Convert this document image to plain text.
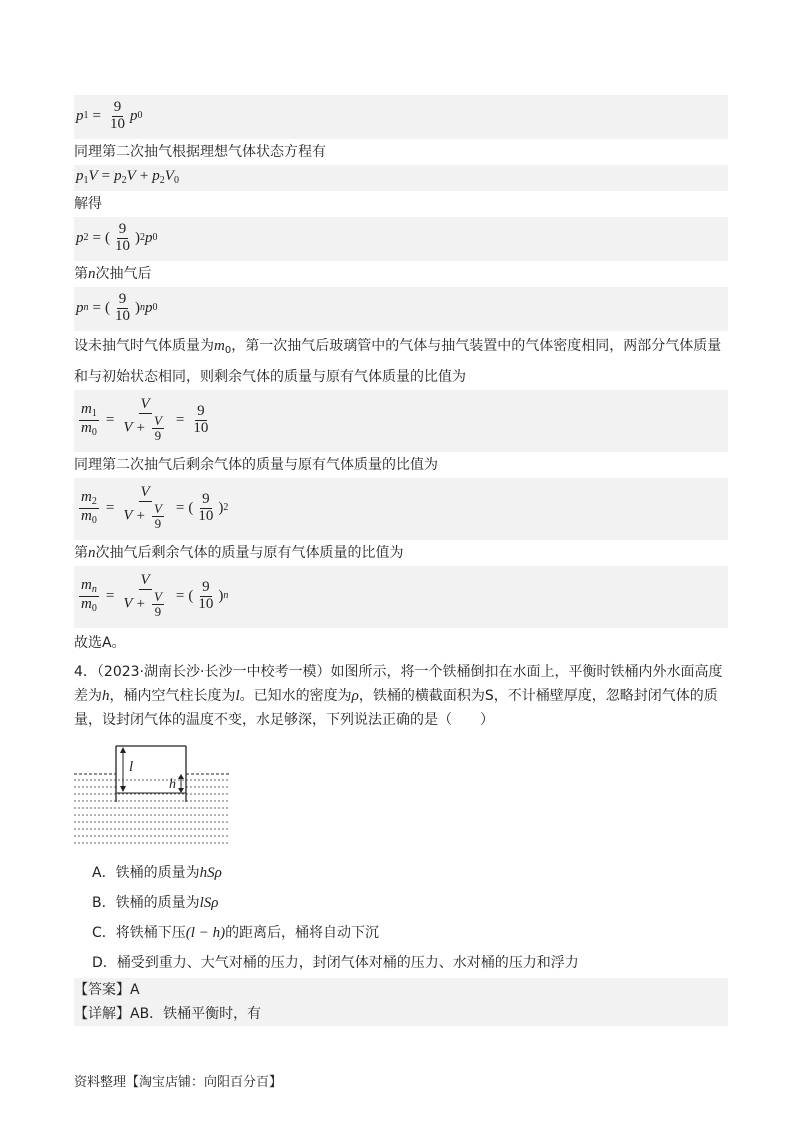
p $1 = \frac{9}{10}$ p 0
同理第二次抽气根据理想气体状态方程有
$p_1V = p_2V + p_2V_0$
解得
p 2 = ( $\frac{9}{10}$ ) 2 p 0
第n次抽气后
p n = ( $\frac{9}{10}$ ) n p 0
设未抽气时气体质量为$m_0$，第一次抽气后玻璃管中的气体与抽气装置中的气体密度相同，两部分气体质量和与初始状态相同，则剩余气体的质量与原有气体质量的比值为
$\frac{m_1}{m_0} = \frac{V}{V + \frac{V}{9}} = \frac{9}{10}$
同理第二次抽气后剩余气体的质量与原有气体质量的比值为
$\frac{m_2}{m_0} = \frac{V}{V + \frac{V}{9}}$ = ( $\frac{9}{10}$ ) 2
第n次抽气后剩余气体的质量与原有气体质量的比值为
$\frac{m_n}{m_0} = \frac{V}{V + \frac{V}{9}}$ = ( $\frac{9}{10}$ ) n
故选A。
4．（2023·湖南长沙·长沙一中校考一模）如图所示，将一个铁桶倒扣在水面上，平衡时铁桶内外水面高度差为h，桶内空气柱长度为l。已知水的密度为ρ，铁桶的横截面积为S，不计桶壁厚度，忽略封闭气体的质量，设封闭气体的温度不变，水足够深，下列说法正确的是（　　）
l
h
A．铁桶的质量为hSρ
B．铁桶的质量为lSρ
C．将铁桶下压(l − h)的距离后，桶将自动下沉
D．桶受到重力、大气对桶的压力，封闭气体对桶的压力、水对桶的压力和浮力
【答案】A
【详解】AB．铁桶平衡时，有
资料整理【淘宝店铺：向阳百分百】
